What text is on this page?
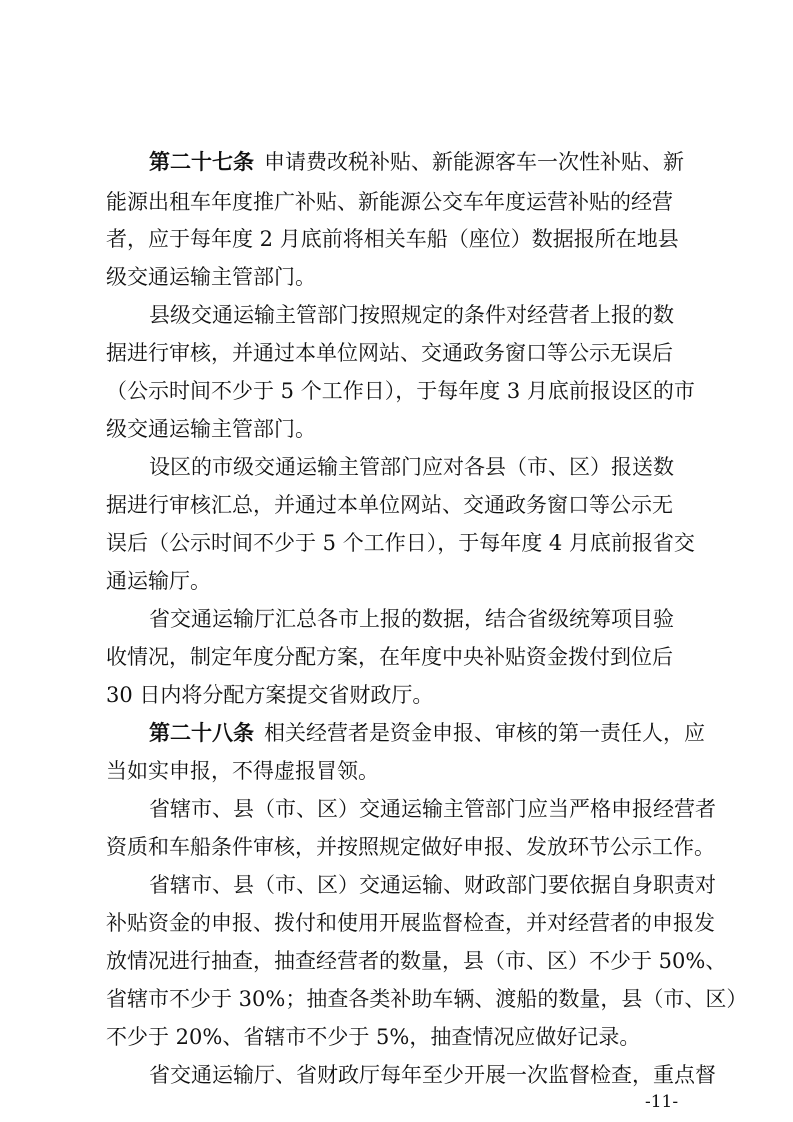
第二十七条 申请费改税补贴、新能源客车一次性补贴、新
能源出租车年度推广补贴、新能源公交车年度运营补贴的经营
者，应于每年度 2 月底前将相关车船（座位）数据报所在地县
级交通运输主管部门。
县级交通运输主管部门按照规定的条件对经营者上报的数
据进行审核，并通过本单位网站、交通政务窗口等公示无误后
（公示时间不少于 5 个工作日），于每年度 3 月底前报设区的市
级交通运输主管部门。
设区的市级交通运输主管部门应对各县（市、区）报送数
据进行审核汇总，并通过本单位网站、交通政务窗口等公示无
误后（公示时间不少于 5 个工作日），于每年度 4 月底前报省交
通运输厅。
省交通运输厅汇总各市上报的数据，结合省级统筹项目验
收情况，制定年度分配方案，在年度中央补贴资金拨付到位后
30 日内将分配方案提交省财政厅。
第二十八条 相关经营者是资金申报、审核的第一责任人，应
当如实申报，不得虚报冒领。
省辖市、县（市、区）交通运输主管部门应当严格申报经营者
资质和车船条件审核，并按照规定做好申报、发放环节公示工作。
省辖市、县（市、区）交通运输、财政部门要依据自身职责对
补贴资金的申报、拨付和使用开展监督检查，并对经营者的申报发
放情况进行抽查，抽查经营者的数量，县（市、区）不少于 50%、
省辖市不少于 30%；抽查各类补助车辆、渡船的数量，县（市、区）
不少于 20%、省辖市不少于 5%，抽查情况应做好记录。
省交通运输厅、省财政厅每年至少开展一次监督检查，重点督
-11-
